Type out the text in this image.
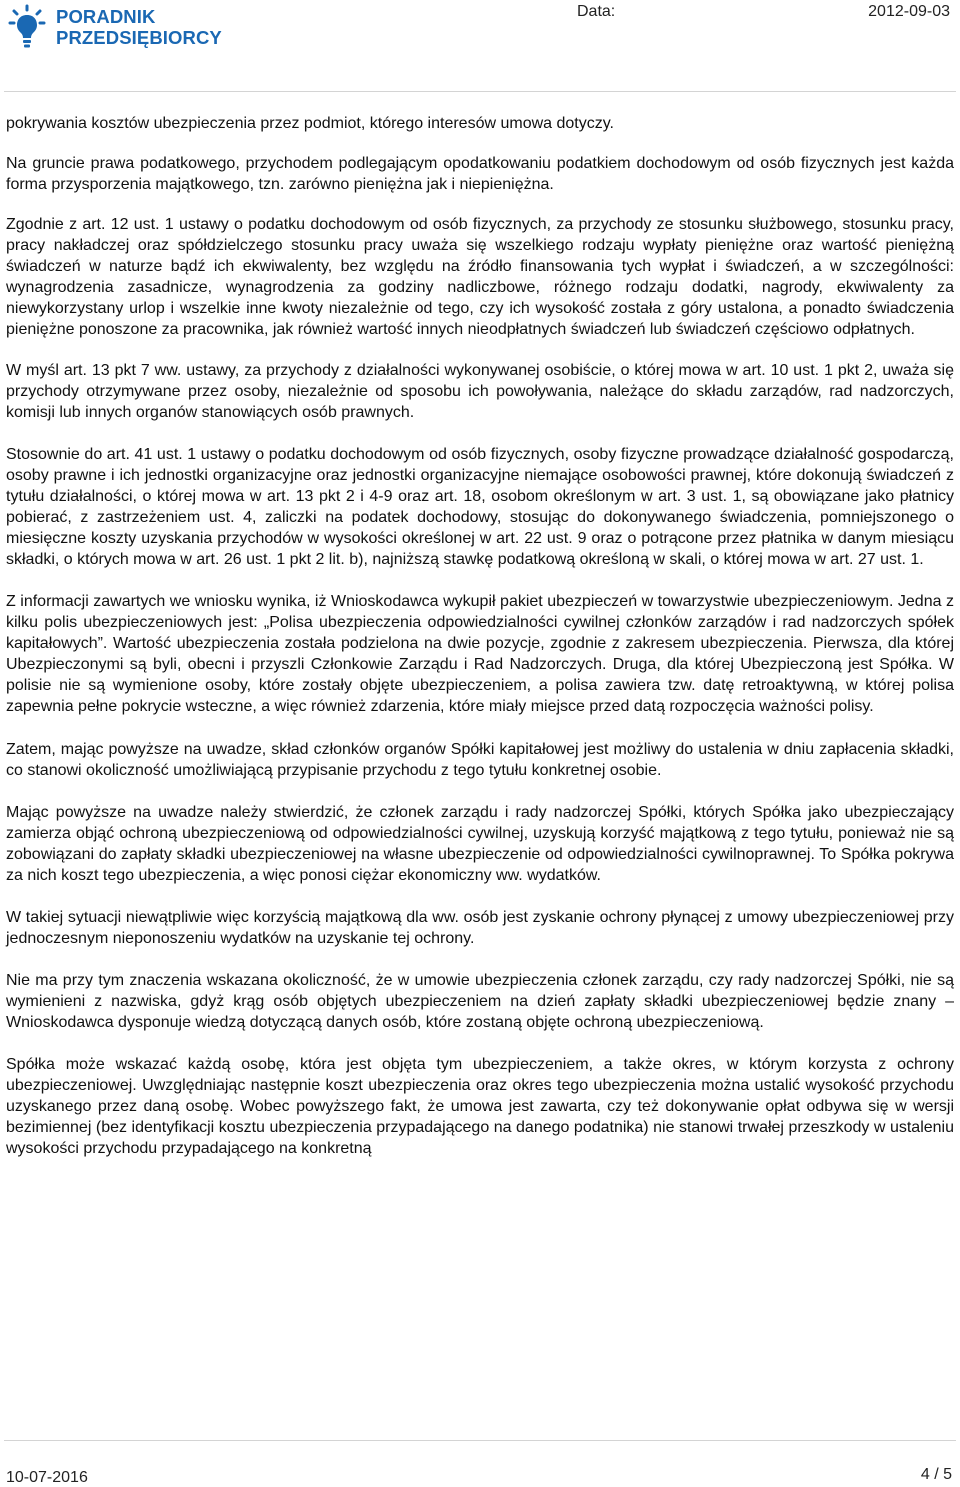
PORADNIK
PRZEDSIĘBIORCY
Data:	2012-09-03

pokrywania kosztów ubezpieczenia przez podmiot, którego interesów umowa dotyczy.

Na gruncie prawa podatkowego, przychodem podlegającym opodatkowaniu podatkiem dochodowym od osób fizycznych jest każda forma przysporzenia majątkowego, tzn. zarówno pieniężna jak i niepieniężna.

Zgodnie z art. 12 ust. 1 ustawy o podatku dochodowym od osób fizycznych, za przychody ze stosunku służbowego, stosunku pracy, pracy nakładczej oraz spółdzielczego stosunku pracy uważa się wszelkiego rodzaju wypłaty pieniężne oraz wartość pieniężną świadczeń w naturze bądź ich ekwiwalenty, bez względu na źródło finansowania tych wypłat i świadczeń, a w szczególności: wynagrodzenia zasadnicze, wynagrodzenia za godziny nadliczbowe, różnego rodzaju dodatki, nagrody, ekwiwalenty za niewykorzystany urlop i wszelkie inne kwoty niezależnie od tego, czy ich wysokość została z góry ustalona, a ponadto świadczenia pieniężne ponoszone za pracownika, jak również wartość innych nieodpłatnych świadczeń lub świadczeń częściowo odpłatnych.

W myśl art. 13 pkt 7 ww. ustawy, za przychody z działalności wykonywanej osobiście, o której mowa w art. 10 ust. 1 pkt 2, uważa się przychody otrzymywane przez osoby, niezależnie od sposobu ich powoływania, należące do składu zarządów, rad nadzorczych, komisji lub innych organów stanowiących osób prawnych.

Stosownie do art. 41 ust. 1 ustawy o podatku dochodowym od osób fizycznych, osoby fizyczne prowadzące działalność gospodarczą, osoby prawne i ich jednostki organizacyjne oraz jednostki organizacyjne niemające osobowości prawnej, które dokonują świadczeń z tytułu działalności, o której mowa w art. 13 pkt 2 i 4-9 oraz art. 18, osobom określonym w art. 3 ust. 1, są obowiązane jako płatnicy pobierać, z zastrzeżeniem ust. 4, zaliczki na podatek dochodowy, stosując do dokonywanego świadczenia, pomniejszonego o miesięczne koszty uzyskania przychodów w wysokości określonej w art. 22 ust. 9 oraz o potrącone przez płatnika w danym miesiącu składki, o których mowa w art. 26 ust. 1 pkt 2 lit. b), najniższą stawkę podatkową określoną w skali, o której mowa w art. 27 ust. 1.

Z informacji zawartych we wniosku wynika, iż Wnioskodawca wykupił pakiet ubezpieczeń w towarzystwie ubezpieczeniowym. Jedna z kilku polis ubezpieczeniowych jest: „Polisa ubezpieczenia odpowiedzialności cywilnej członków zarządów i rad nadzorczych spółek kapitałowych”. Wartość ubezpieczenia została podzielona na dwie pozycje, zgodnie z zakresem ubezpieczenia. Pierwsza, dla której Ubezpieczonymi są byli, obecni i przyszli Członkowie Zarządu i Rad Nadzorczych. Druga, dla której Ubezpieczoną jest Spółka. W polisie nie są wymienione osoby, które zostały objęte ubezpieczeniem, a polisa zawiera tzw. datę retroaktywną, w której polisa zapewnia pełne pokrycie wsteczne, a więc również zdarzenia, które miały miejsce przed datą rozpoczęcia ważności polisy.

Zatem, mając powyższe na uwadze, skład członków organów Spółki kapitałowej jest możliwy do ustalenia w dniu zapłacenia składki, co stanowi okoliczność umożliwiającą przypisanie przychodu z tego tytułu konkretnej osobie.

Mając powyższe na uwadze należy stwierdzić, że członek zarządu i rady nadzorczej Spółki, których Spółka jako ubezpieczający zamierza objąć ochroną ubezpieczeniową od odpowiedzialności cywilnej, uzyskują korzyść majątkową z tego tytułu, ponieważ nie są zobowiązani do zapłaty składki ubezpieczeniowej na własne ubezpieczenie od odpowiedzialności cywilnoprawnej. To Spółka pokrywa za nich koszt tego ubezpieczenia, a więc ponosi ciężar ekonomiczny ww. wydatków.

W takiej sytuacji niewątpliwie więc korzyścią majątkową dla ww. osób jest zyskanie ochrony płynącej z umowy ubezpieczeniowej przy jednoczesnym nieponoszeniu wydatków na uzyskanie tej ochrony.

Nie ma przy tym znaczenia wskazana okoliczność, że w umowie ubezpieczenia członek zarządu, czy rady nadzorczej Spółki, nie są wymienieni z nazwiska, gdyż krąg osób objętych ubezpieczeniem na dzień zapłaty składki ubezpieczeniowej będzie znany – Wnioskodawca dysponuje wiedzą dotyczącą danych osób, które zostaną objęte ochroną ubezpieczeniową.

Spółka może wskazać każdą osobę, która jest objęta tym ubezpieczeniem, a także okres, w którym korzysta z ochrony ubezpieczeniowej. Uwzględniając następnie koszt ubezpieczenia oraz okres tego ubezpieczenia można ustalić wysokość przychodu uzyskanego przez daną osobę. Wobec powyższego fakt, że umowa jest zawarta, czy też dokonywanie opłat odbywa się w wersji bezimiennej (bez identyfikacji kosztu ubezpieczenia przypadającego na danego podatnika) nie stanowi trwałej przeszkody w ustaleniu wysokości przychodu przypadającego na konkretną

10-07-2016	4 / 5
